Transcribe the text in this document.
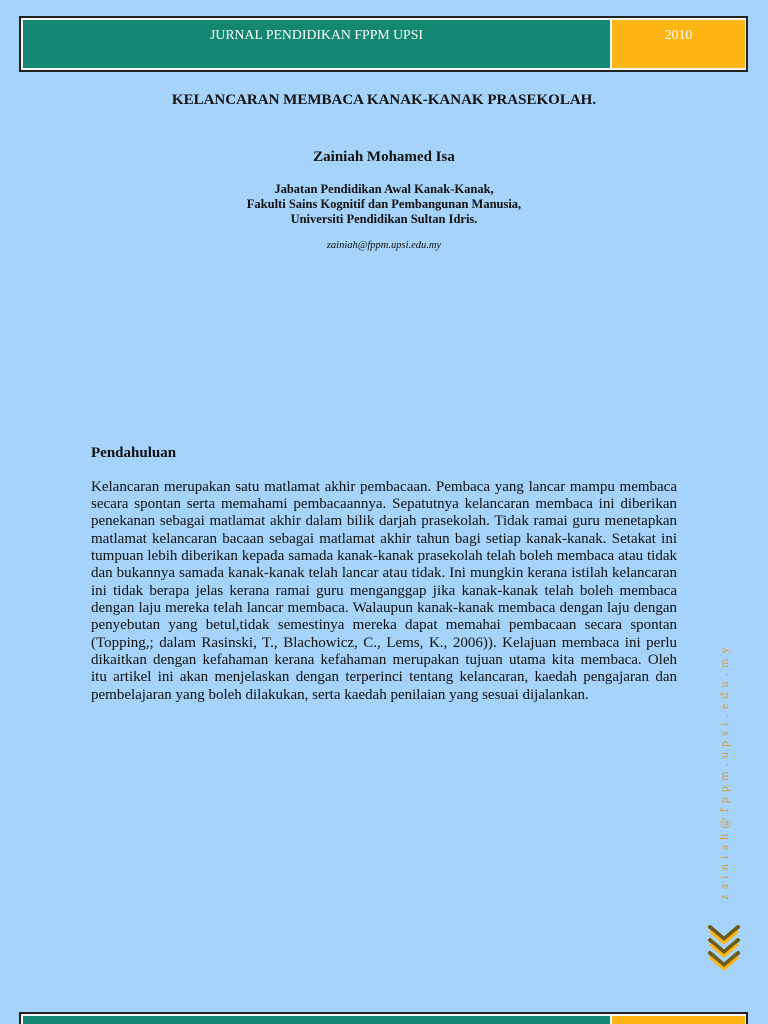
JURNAL PENDIDIKAN FPPM UPSI	2010
KELANCARAN MEMBACA KANAK-KANAK PRASEKOLAH.
Zainiah Mohamed Isa
Jabatan Pendidikan Awal Kanak-Kanak,
Fakulti Sains Kognitif dan Pembangunan Manusia,
Universiti Pendidikan Sultan Idris.
zainiah@fppm.upsi.edu.my
Pendahuluan
Kelancaran merupakan satu matlamat akhir pembacaan. Pembaca yang lancar mampu membaca
secara spontan serta memahami pembacaannya. Sepatutnya kelancaran membaca ini diberikan
penekanan sebagai matlamat akhir dalam bilik darjah prasekolah. Tidak ramai guru menetapkan
matlamat kelancaran bacaan sebagai matlamat akhir tahun bagi setiap kanak-kanak. Setakat ini
tumpuan lebih diberikan kepada samada kanak-kanak prasekolah telah boleh membaca atau tidak
dan bukannya samada kanak-kanak telah lancar atau tidak. Ini mungkin kerana istilah kelancaran
ini tidak berapa jelas kerana ramai guru menganggap jika kanak-kanak telah boleh membaca
dengan laju mereka telah lancar membaca. Walaupun kanak-kanak membaca dengan laju dengan
penyebutan yang betul,tidak semestinya mereka dapat memahai pembacaan secara spontan
(Topping,; dalam Rasinski, T., Blachowicz, C., Lems, K., 2006)). Kelajuan membaca ini perlu
dikaitkan dengan kefahaman kerana kefahaman merupakan tujuan utama kita membaca. Oleh
itu artikel ini akan menjelaskan dengan terperinci tentang kelancaran, kaedah pengajaran dan
pembelajaran yang boleh dilakukan, serta kaedah penilaian yang sesuai dijalankan.	zainiah@fppm.upsi.edu.my
